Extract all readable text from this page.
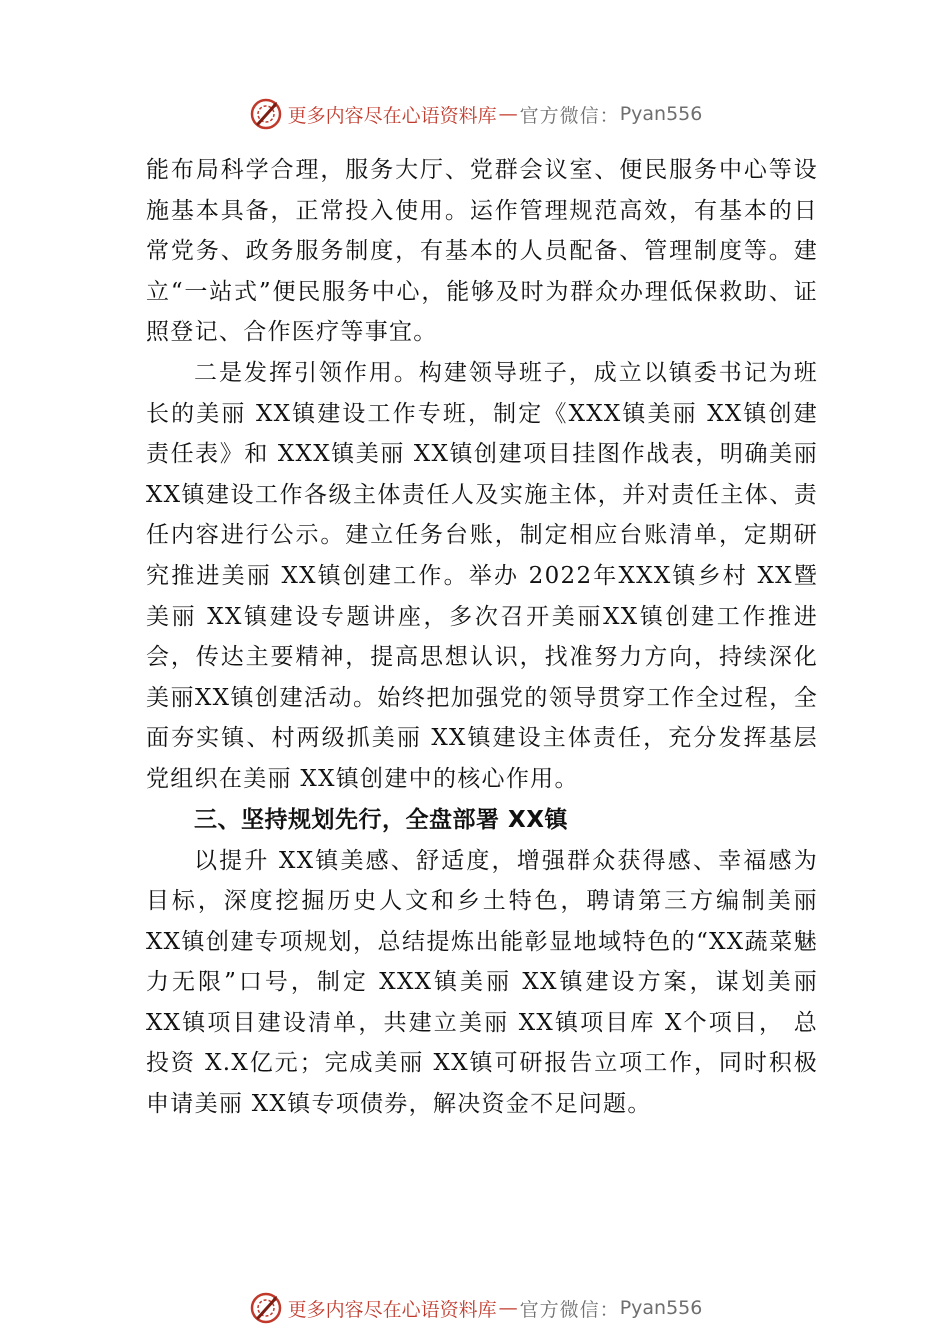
更多内容尽在心语资料库 — 官方微信： Pyan556

能布局科学合理，服务大厅、党群会议室、便民服务中心等设施基本具备，正常投入使用。运作管理规范高效，有基本的日常党务、政务服务制度，有基本的人员配备、管理制度等。建立“一站式”便民服务中心，能够及时为群众办理低保救助、证照登记、合作医疗等事宜。

二是发挥引领作用。构建领导班子，成立以镇委书记为班长的美丽 XX镇建设工作专班，制定《XXX镇美丽 XX镇创建责任表》和 XXX镇美丽 XX镇创建项目挂图作战表，明确美丽XX镇建设工作各级主体责任人及实施主体，并对责任主体、责任内容进行公示。建立任务台账，制定相应台账清单，定期研究推进美丽 XX镇创建工作。举办 2022年XXX镇乡村 XX暨美丽 XX镇建设专题讲座，多次召开美丽XX镇创建工作推进会，传达主要精神，提高思想认识，找准努力方向，持续深化美丽XX镇创建活动。始终把加强党的领导贯穿工作全过程，全面夯实镇、村两级抓美丽 XX镇建设主体责任，充分发挥基层党组织在美丽 XX镇创建中的核心作用。

三、坚持规划先行，全盘部署 XX镇

以提升 XX镇美感、舒适度，增强群众获得感、幸福感为目标，深度挖掘历史人文和乡土特色，聘请第三方编制美丽 XX镇创建专项规划，总结提炼出能彰显地域特色的“XX蔬菜魅力无限”口号，制定 XXX镇美丽 XX镇建设方案，谋划美丽 XX镇项目建设清单，共建立美丽 XX镇项目库 X个项目， 总投资 X.X亿元；完成美丽 XX镇可研报告立项工作，同时积极申请美丽 XX镇专项债券，解决资金不足问题。

更多内容尽在心语资料库 — 官方微信： Pyan556
